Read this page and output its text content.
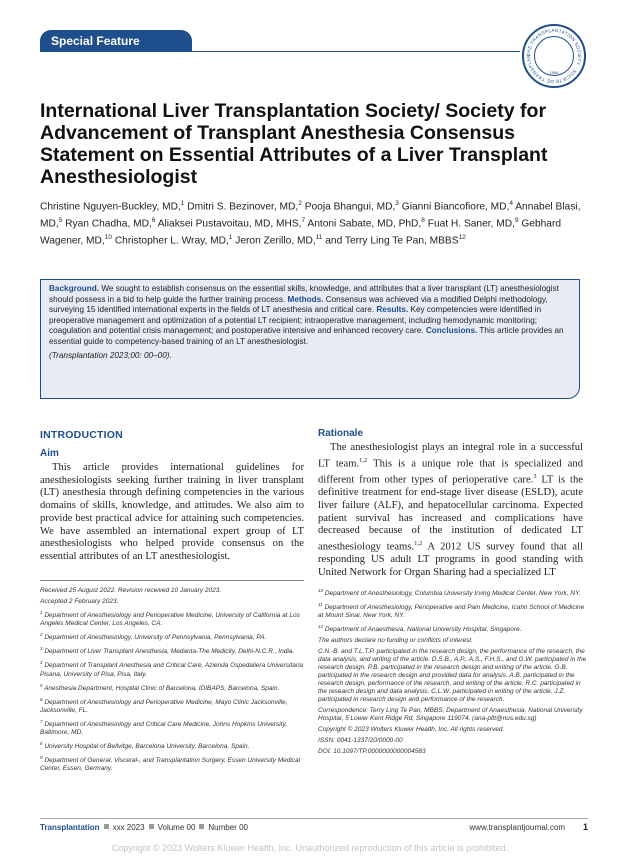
Special Feature
THE TRANSPLANTATION SOCIETY · SOCIETE DE TRANSPLAN
1966
International Liver Transplantation Society/ Society for Advancement of Transplant Anesthesia Consensus Statement on Essential Attributes of a Liver Transplant Anesthesiologist

Christine Nguyen-Buckley, MD,$^1$ Dmitri S. Bezinover, MD,$^2$ Pooja Bhangui, MD,$^3$ Gianni Biancofiore, MD,$^4$ Annabel Blasi, MD,$^5$ Ryan Chadha, MD,$^6$ Aliaksei Pustavoitau, MD, MHS,$^7$ Antoni Sabate, MD, PhD,$^8$ Fuat H. Saner, MD,$^9$ Gebhard Wagener, MD,$^{10}$ Christopher L. Wray, MD,$^1$ Jeron Zerillo, MD,$^{11}$ and Terry Ling Te Pan, MBBS$^{12}$

Background. We sought to establish consensus on the essential skills, knowledge, and attributes that a liver transplant (LT) anesthesiologist should possess in a bid to help guide the further training process. Methods. Consensus was achieved via a modified Delphi methodology, surveying 15 identified international experts in the fields of LT anesthesia and critical care. Results. Key competencies were identified in preoperative management and optimization of a potential LT recipient; intraoperative management, including hemodynamic monitoring; coagulation and potential crisis management; and postoperative intensive and enhanced recovery care. Conclusions. This article provides an essential guide to competency-based training of an LT anesthesiologist.

(Transplantation 2023;00: 00–00).

INTRODUCTION
Aim

This article provides international guidelines for anesthesiologists seeking further training in liver transplant (LT) anesthesia through defining competencies in the various domains of skills, knowledge, and attitudes. We also aim to provide best practical advice for attaining such competencies. We have assembled an international expert group of LT anesthesiologists who helped provide consensus on the essential attributes of an LT anesthesiologist.

Rationale

The anesthesiologist plays an integral role in a successful LT team.$^{1,2}$ This is a unique role that is specialized and different from other types of perioperative care.$^3$ LT is the definitive treatment for end-stage liver disease (ESLD), acute liver failure (ALF), and hepatocellular carcinoma. Expected patient survival has increased and complications have decreased because of the institution of dedicated LT anesthesiology teams.$^{1,2}$ A 2012 US survey found that all responding US adult LT programs in good standing with United Network for Organ Sharing had a specialized LT

Received 25 August 2022. Revision received 10 January 2023.

Accepted 2 February 2023.

$^1$ Department of Anesthesiology and Perioperative Medicine, University of California at Los Angeles Medical Center, Los Angeles, CA.

$^2$ Department of Anesthesiology, University of Pennsylvania, Pennsylvania, PA.

$^3$ Department of Liver Transplant Anesthesia, Medanta-The Medicity, Delhi-N.C.R., India.

$^4$ Department of Transplant Anesthesia and Critical Care, Azienda Ospedaliera Universitaria Pisana, University of Pisa, Pisa, Italy.

$^5$ Anesthesia Department, Hospital Clinic of Barcelona, IDIBAPS, Barcelona, Spain.

$^6$ Department of Anesthesiology and Perioperative Medicine, Mayo Clinic Jacksonville, Jacksonville, FL.

$^7$ Department of Anesthesiology and Critical Care Medicine, Johns Hopkins University, Baltimore, MD.

$^8$ University Hospital of Bellvitge, Barcelona University, Barcelona, Spain.

$^9$ Department of General, Visceral-, and Transplantation Surgery, Essen University Medical Center, Essen, Germany.

$^{10}$ Department of Anesthesiology, Columbia University Irving Medical Center, New York, NY.

$^{11}$ Department of Anesthesiology, Perioperative and Pain Medicine, Icahn School of Medicine at Mount Sinai, New York, NY.

$^{12}$ Department of Anaesthesia, National University Hospital, Singapore.

The authors declare no funding or conflicts of interest.

C.N.-B. and T.L.T.P. participated in the research design, the performance of the research, the data analysis, and writing of the article. D.S.B., A.P., A.S., F.H.S., and G.W. participated in the research design. P.B. participated in the research design and writing of the article. G.B. participated in the research design and provided data for analysis. A.B. participated in the research design, performance of the research, and writing of the article. R.C. participated in the research design and data analysis. C.L.W. participated in writing of the article. J.Z. participated in research design and performance of the research.

Correspondence: Terry Ling Te Pan, MBBS, Department of Anaesthesia, National University Hospital, 5 Lower Kent Ridge Rd, Singapore 119074. (ana-pltt@nus.edu.sg)

Copyright © 2023 Wolters Kluwer Health, Inc. All rights reserved.

ISSN: 0041-1337/20/0000-00

DOI: 10.1097/TP.0000000000004583

Transplantation xxx 2023 Volume 00 Number 00	www.transplantjournal.com	1
Copyright © 2023 Wolters Kluwer Health, Inc. Unauthorized reproduction of this article is prohibited.
